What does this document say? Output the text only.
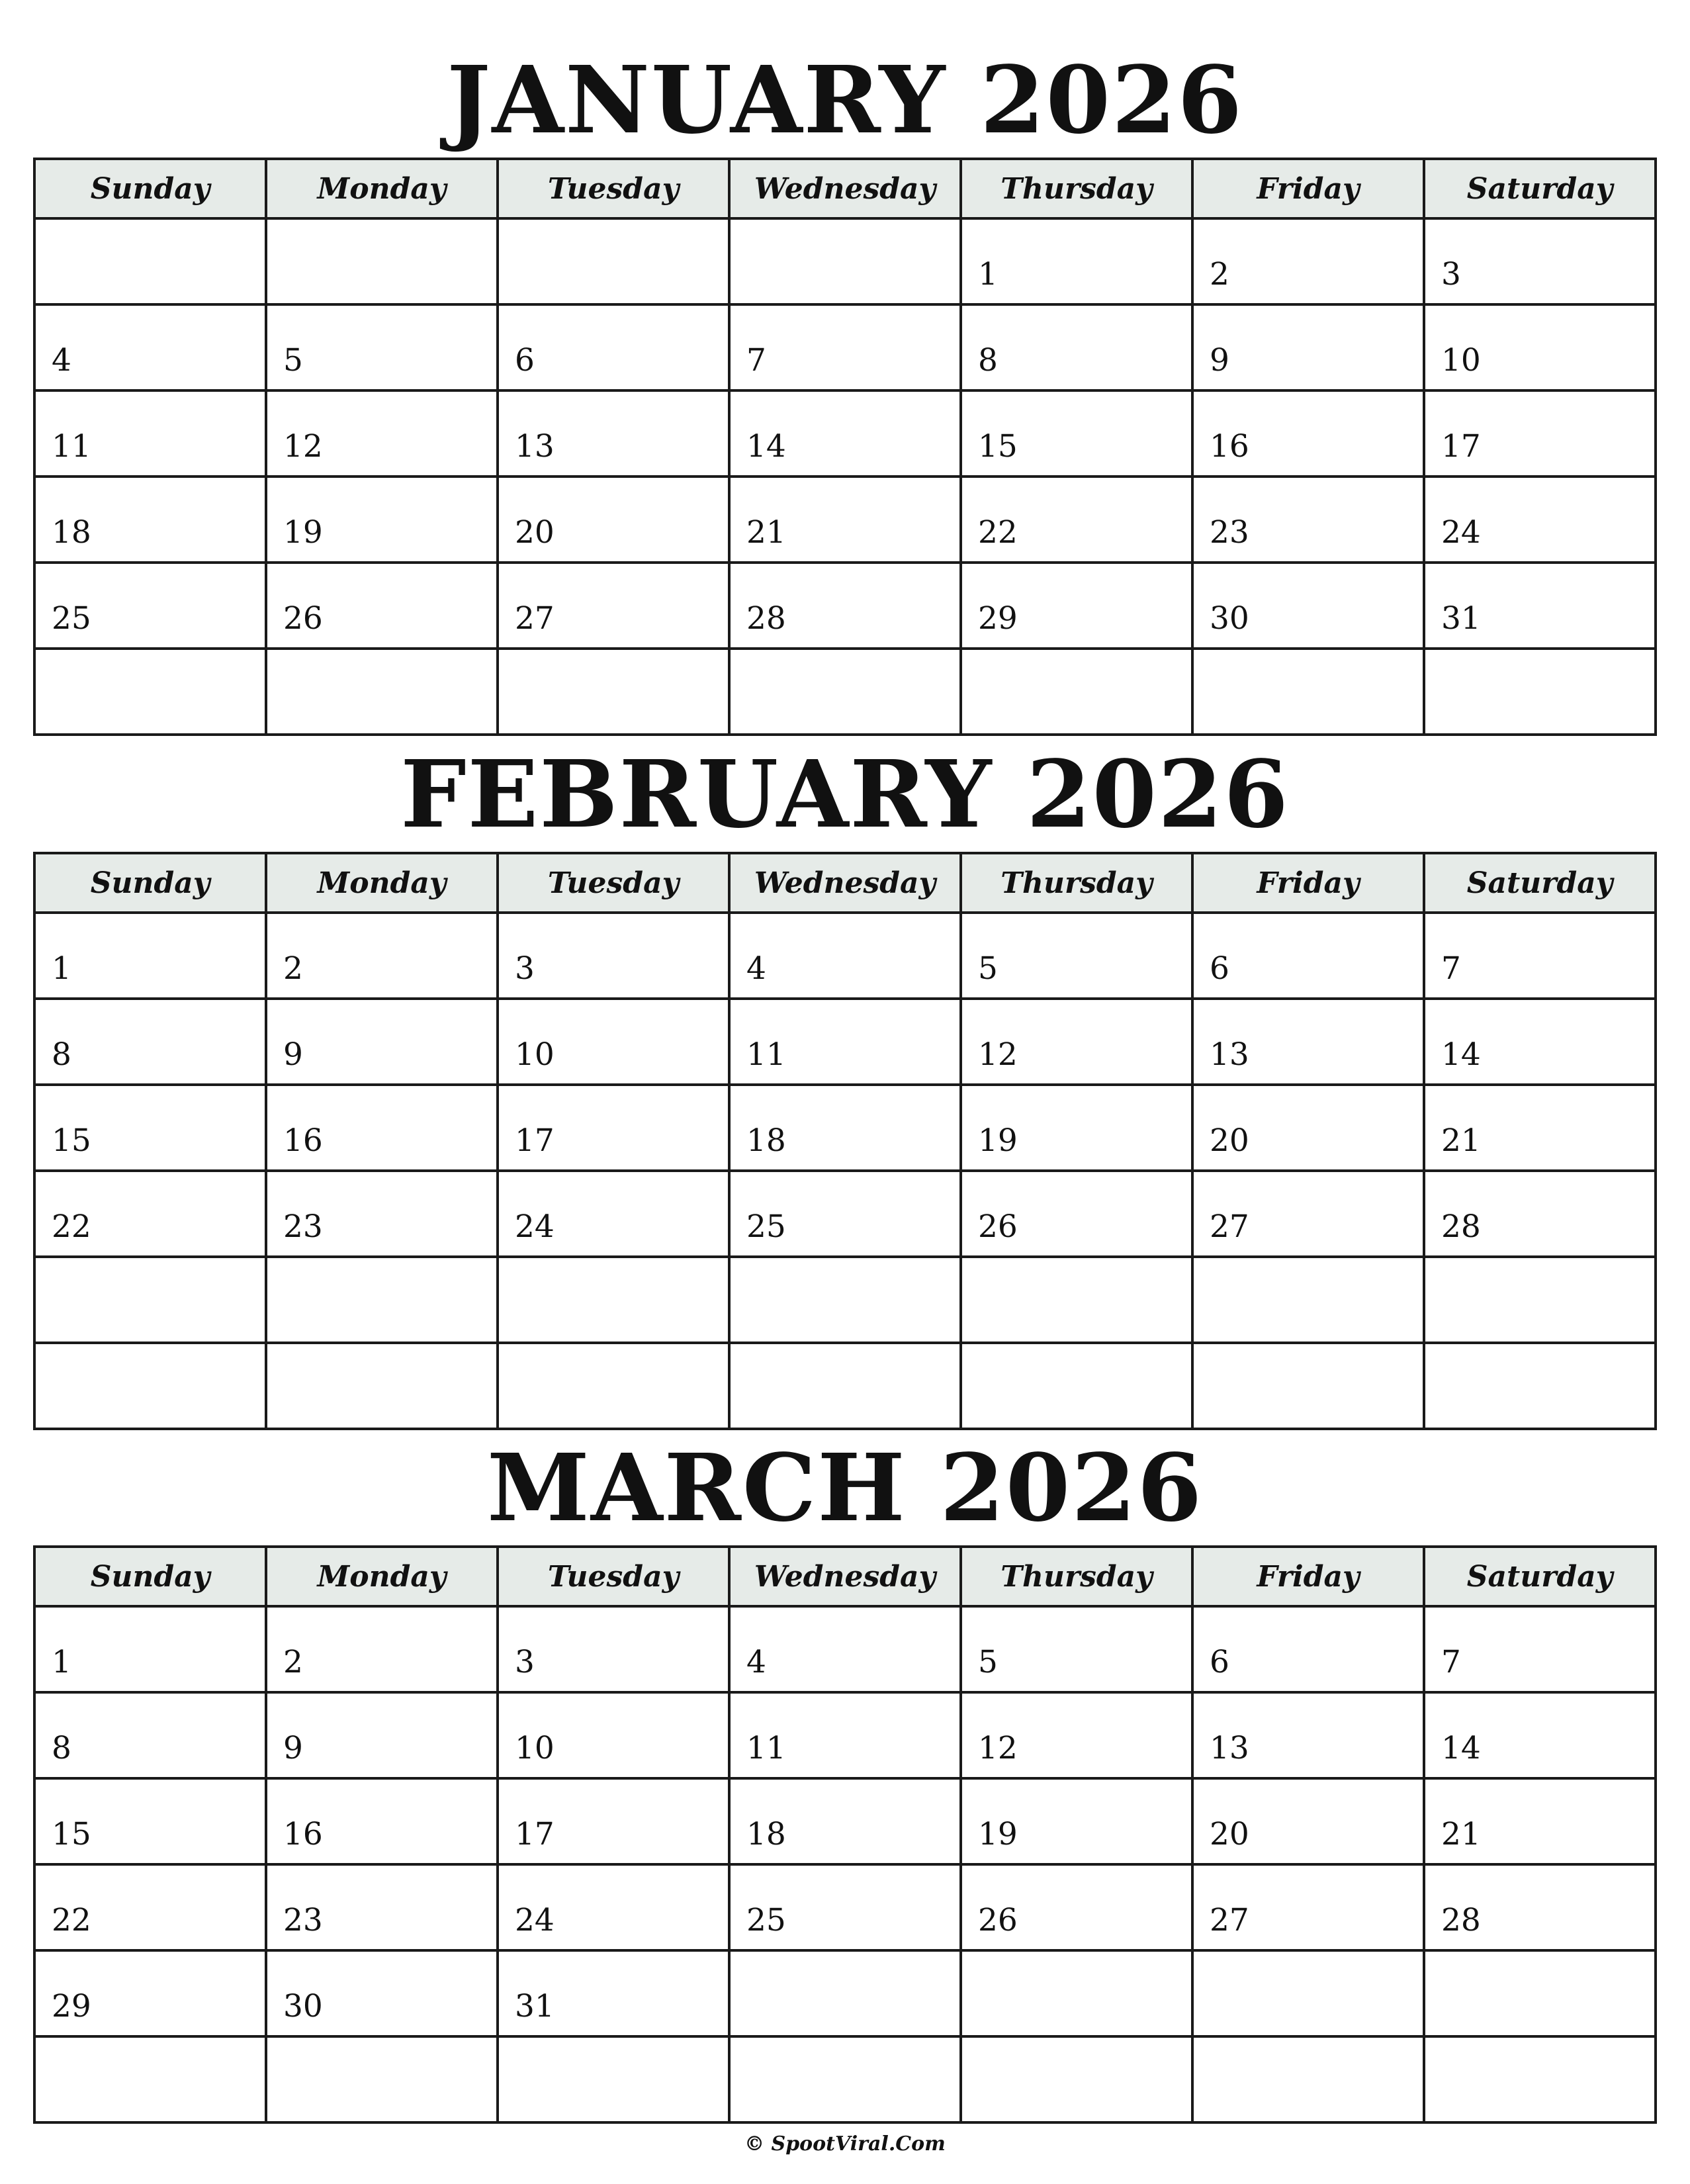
JANUARY 2026
Sunday	Monday	Tuesday	Wednesday	Thursday	Friday	Saturday
				1	2	3
4	5	6	7	8	9	10
11	12	13	14	15	16	17
18	19	20	21	22	23	24
25	26	27	28	29	30	31

FEBRUARY 2026
Sunday	Monday	Tuesday	Wednesday	Thursday	Friday	Saturday
1	2	3	4	5	6	7
8	9	10	11	12	13	14
15	16	17	18	19	20	21
22	23	24	25	26	27	28

MARCH 2026
Sunday	Monday	Tuesday	Wednesday	Thursday	Friday	Saturday
1	2	3	4	5	6	7
8	9	10	11	12	13	14
15	16	17	18	19	20	21
22	23	24	25	26	27	28
29	30	31				

© SpootViral.Com
